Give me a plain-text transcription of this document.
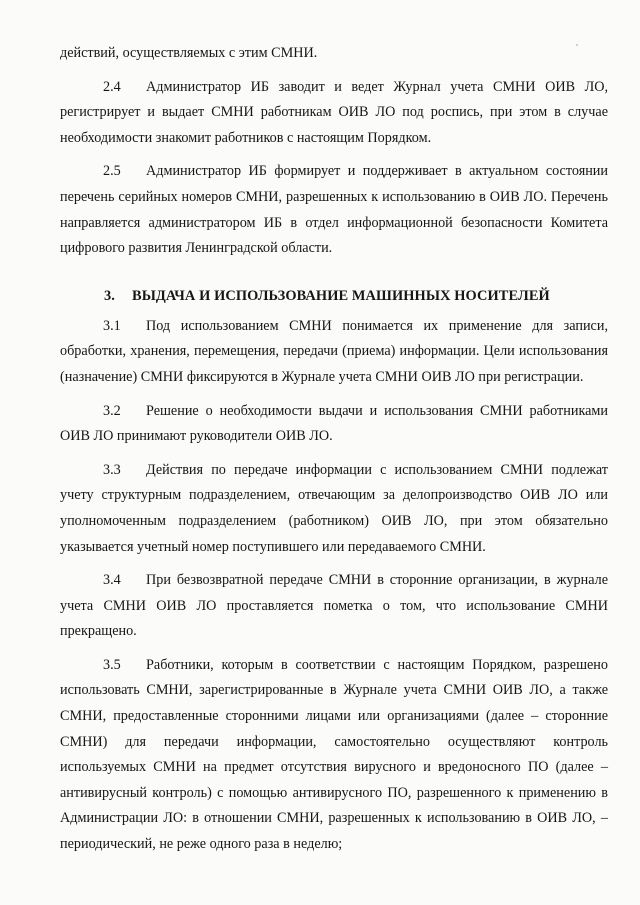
действий, осуществляемых с этим СМНИ.

2.4 Администратор ИБ заводит и ведет Журнал учета СМНИ ОИВ ЛО, регистрирует и выдает СМНИ работникам ОИВ ЛО под роспись, при этом в случае необходимости знакомит работников с настоящим Порядком.

2.5 Администратор ИБ формирует и поддерживает в актуальном состоянии перечень серийных номеров СМНИ, разрешенных к использованию в ОИВ ЛО. Перечень направляется администратором ИБ в отдел информационной безопасности Комитета цифрового развития Ленинградской области.

3. ВЫДАЧА И ИСПОЛЬЗОВАНИЕ МАШИННЫХ НОСИТЕЛЕЙ

3.1 Под использованием СМНИ понимается их применение для записи, обработки, хранения, перемещения, передачи (приема) информации. Цели использования (назначение) СМНИ фиксируются в Журнале учета СМНИ ОИВ ЛО при регистрации.

3.2 Решение о необходимости выдачи и использования СМНИ работниками ОИВ ЛО принимают руководители ОИВ ЛО.

3.3 Действия по передаче информации с использованием СМНИ подлежат учету структурным подразделением, отвечающим за делопроизводство ОИВ ЛО или уполномоченным подразделением (работником) ОИВ ЛО, при этом обязательно указывается учетный номер поступившего или передаваемого СМНИ.

3.4 При безвозвратной передаче СМНИ в сторонние организации, в журнале учета СМНИ ОИВ ЛО проставляется пометка о том, что использование СМНИ прекращено.

3.5 Работники, которым в соответствии с настоящим Порядком, разрешено использовать СМНИ, зарегистрированные в Журнале учета СМНИ ОИВ ЛО, а также СМНИ, предоставленные сторонними лицами или организациями (далее – сторонние СМНИ) для передачи информации, самостоятельно осуществляют контроль используемых СМНИ на предмет отсутствия вирусного и вредоносного ПО (далее – антивирусный контроль) с помощью антивирусного ПО, разрешенного к применению в Администрации ЛО: в отношении СМНИ, разрешенных к использованию в ОИВ ЛО, – периодический, не реже одного раза в неделю;
